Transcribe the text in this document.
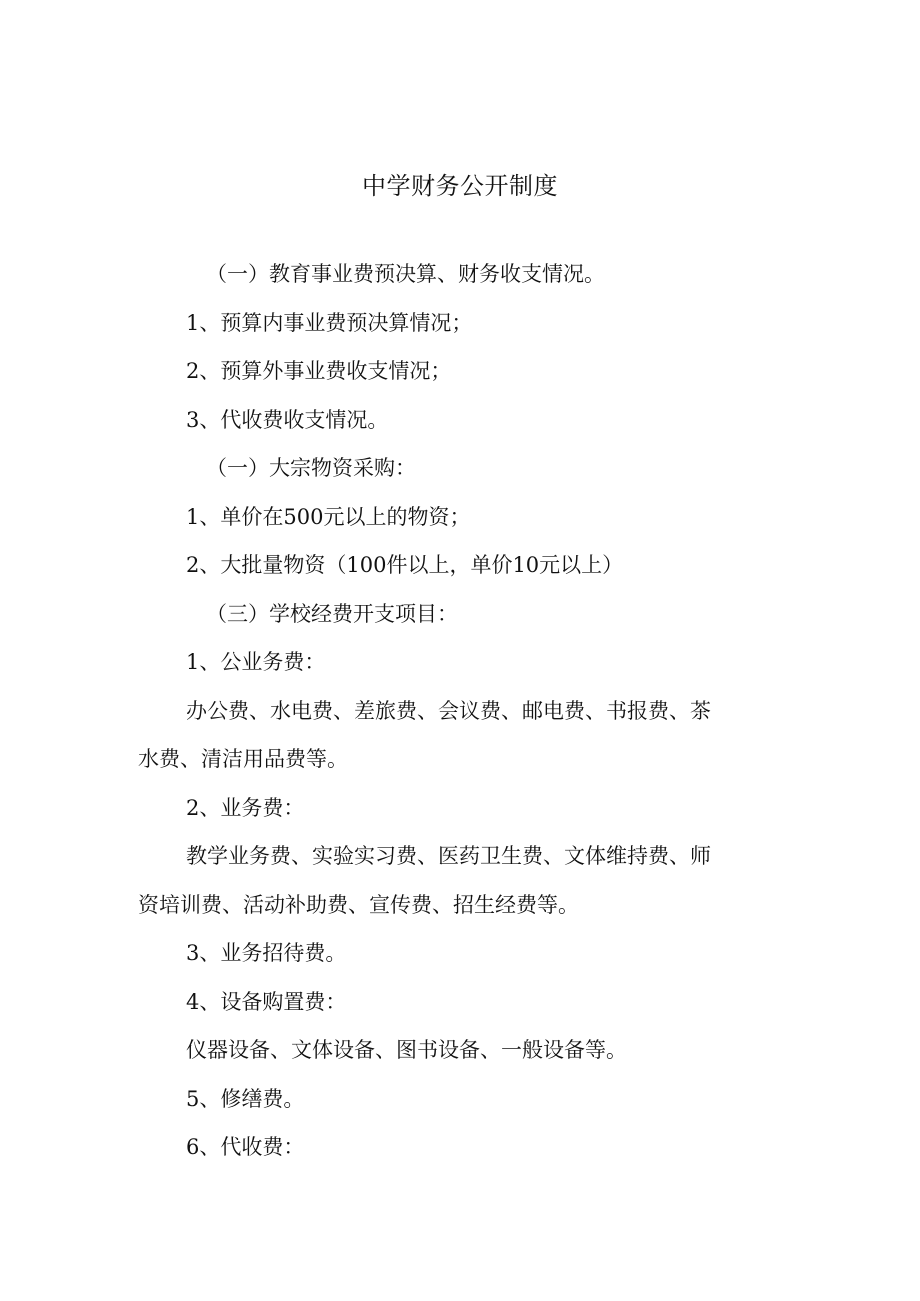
中学财务公开制度
（一）教育事业费预决算、财务收支情况。
1、预算内事业费预决算情况；
2、预算外事业费收支情况；
3、代收费收支情况。
（一）大宗物资采购：
1、单价在500元以上的物资；
2、大批量物资（100件以上，单价10元以上）
（三）学校经费开支项目：
1、公业务费：
办公费、水电费、差旅费、会议费、邮电费、书报费、茶
水费、清洁用品费等。
2、业务费：
教学业务费、实验实习费、医药卫生费、文体维持费、师
资培训费、活动补助费、宣传费、招生经费等。
3、业务招待费。
4、设备购置费：
仪器设备、文体设备、图书设备、一般设备等。
5、修缮费。
6、代收费：
